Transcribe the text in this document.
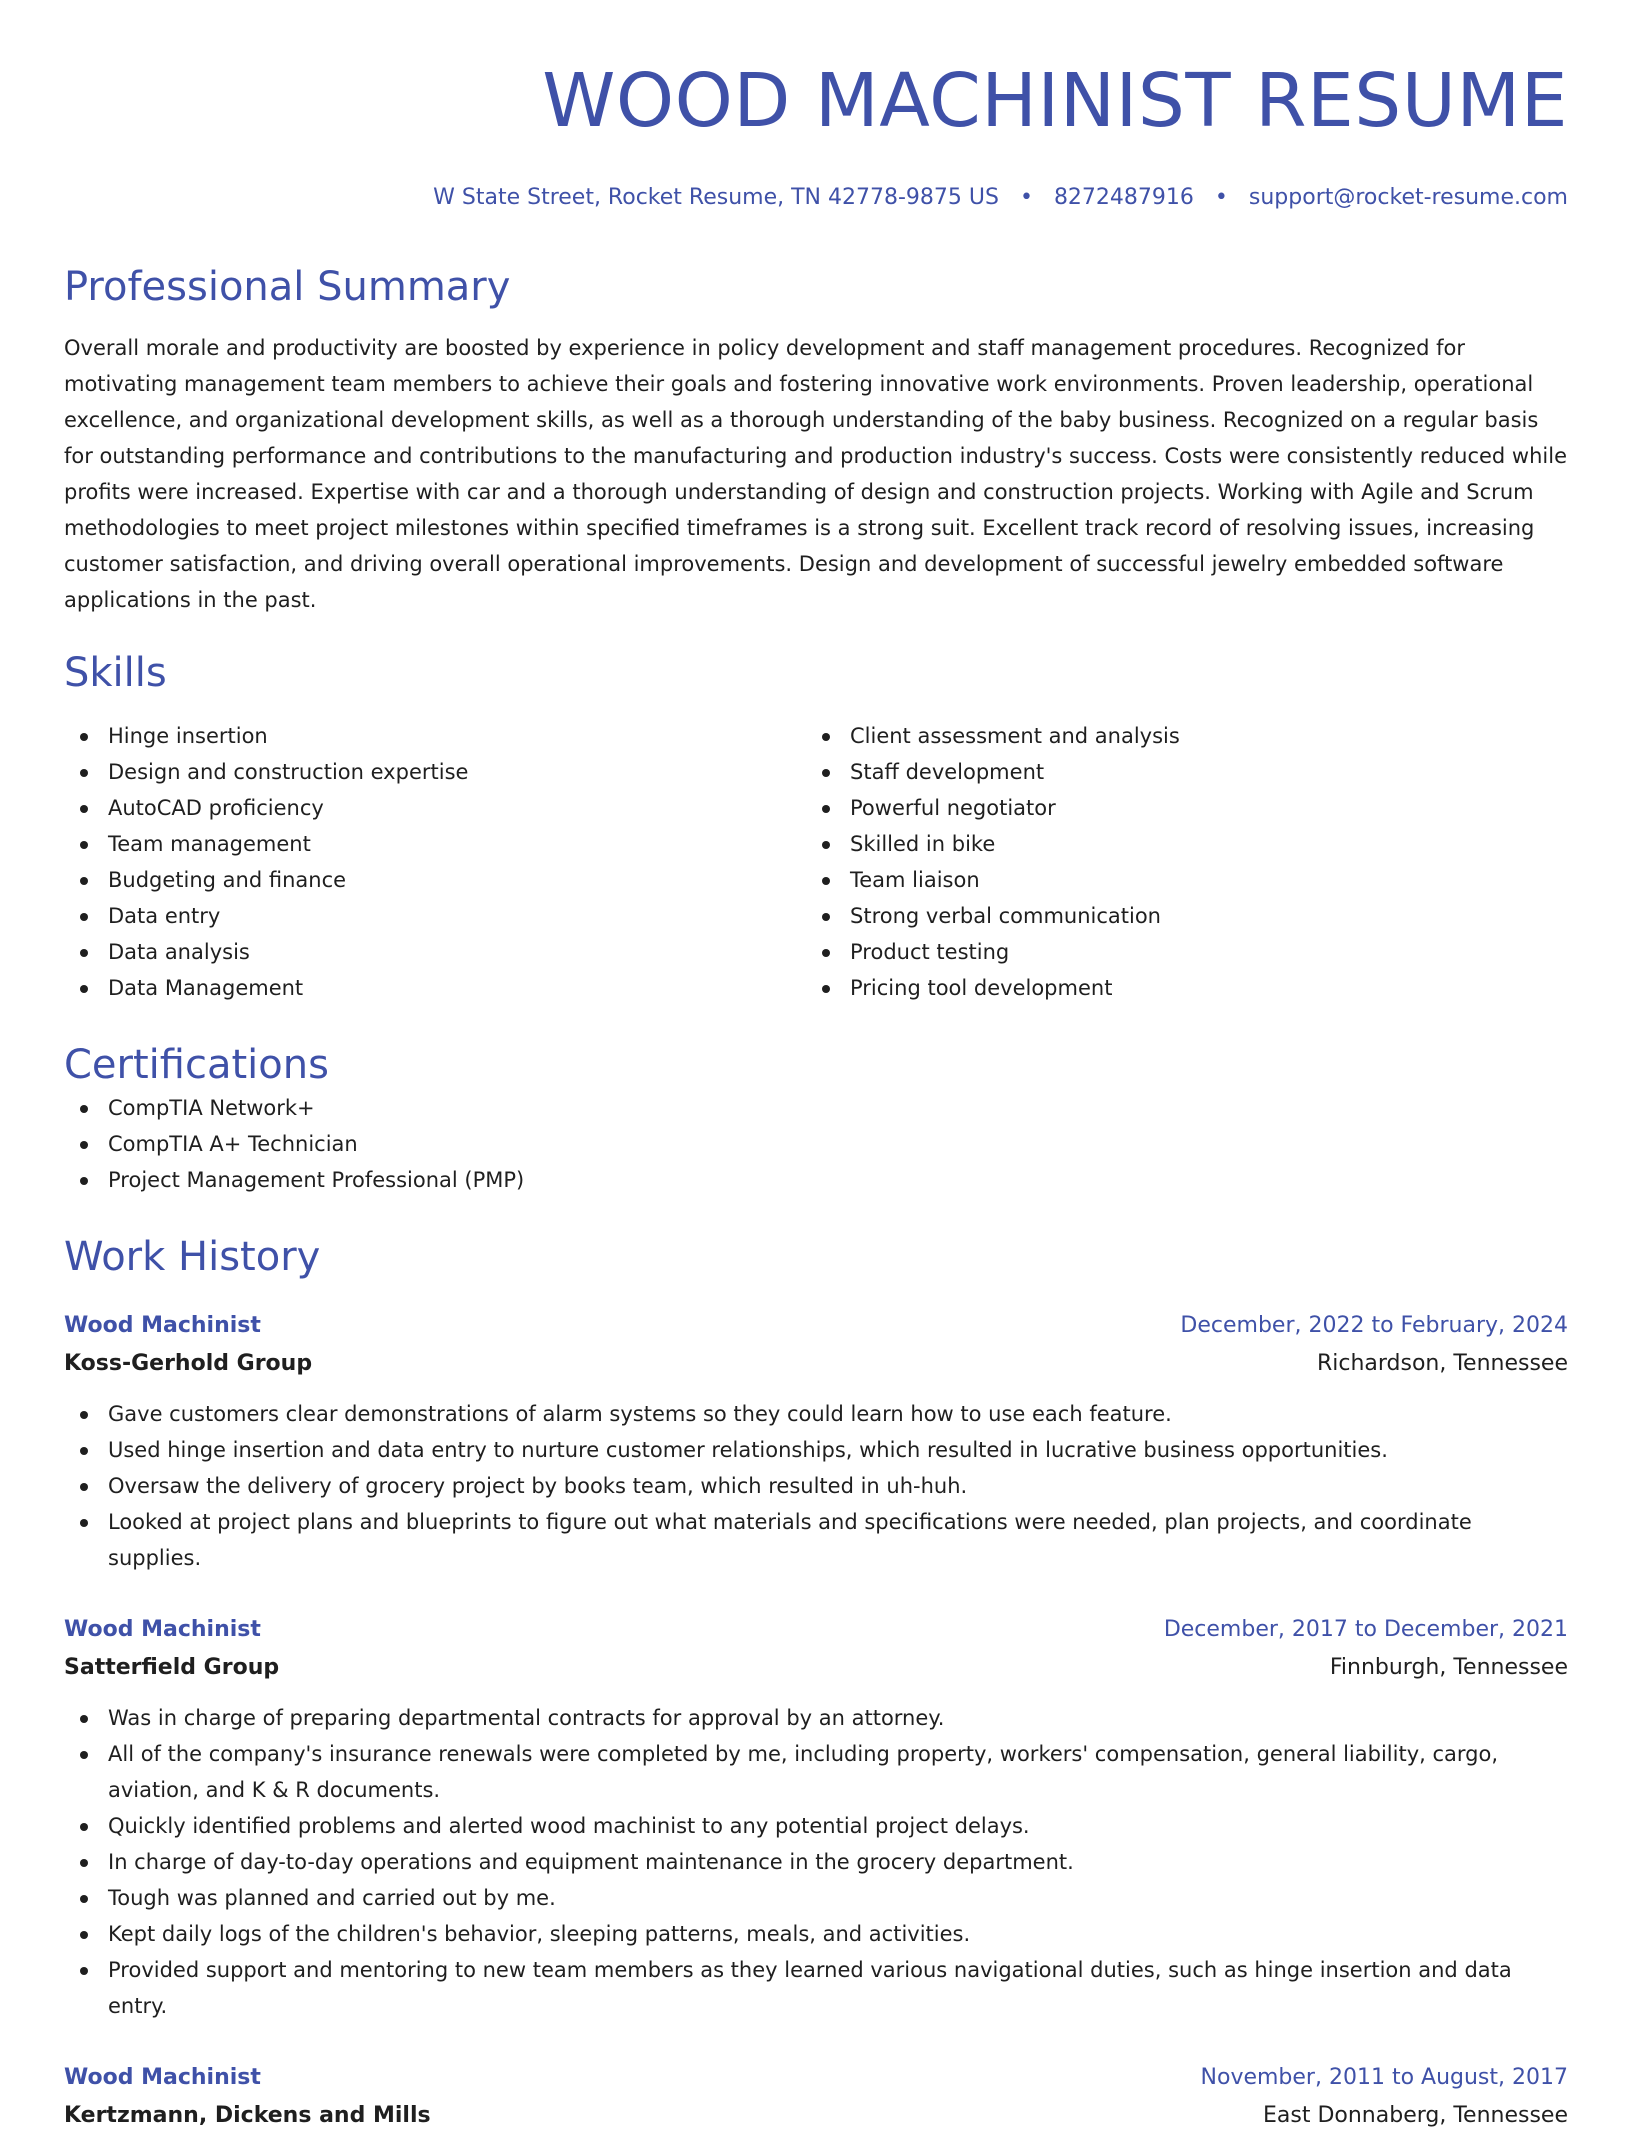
WOOD MACHINIST RESUME
W State Street, Rocket Resume, TN 42778-9875 US • 8272487916 • support@rocket-resume.com
Professional Summary
Overall morale and productivity are boosted by experience in policy development and staff management procedures. Recognized for motivating management team members to achieve their goals and fostering innovative work environments. Proven leadership, operational excellence, and organizational development skills, as well as a thorough understanding of the baby business. Recognized on a regular basis for outstanding performance and contributions to the manufacturing and production industry's success. Costs were consistently reduced while profits were increased. Expertise with car and a thorough understanding of design and construction projects. Working with Agile and Scrum methodologies to meet project milestones within specified timeframes is a strong suit. Excellent track record of resolving issues, increasing customer satisfaction, and driving overall operational improvements. Design and development of successful jewelry embedded software applications in the past.
Skills
Hinge insertion
Design and construction expertise
AutoCAD proficiency
Team management
Budgeting and finance
Data entry
Data analysis
Data Management
Client assessment and analysis
Staff development
Powerful negotiator
Skilled in bike
Team liaison
Strong verbal communication
Product testing
Pricing tool development
Certifications
CompTIA Network+
CompTIA A+ Technician
Project Management Professional (PMP)
Work History
Wood Machinist	December, 2022 to February, 2024
Koss-Gerhold Group	Richardson, Tennessee
Gave customers clear demonstrations of alarm systems so they could learn how to use each feature.
Used hinge insertion and data entry to nurture customer relationships, which resulted in lucrative business opportunities.
Oversaw the delivery of grocery project by books team, which resulted in uh-huh.
Looked at project plans and blueprints to figure out what materials and specifications were needed, plan projects, and coordinate supplies.
Wood Machinist	December, 2017 to December, 2021
Satterfield Group	Finnburgh, Tennessee
Was in charge of preparing departmental contracts for approval by an attorney.
All of the company's insurance renewals were completed by me, including property, workers' compensation, general liability, cargo, aviation, and K & R documents.
Quickly identified problems and alerted wood machinist to any potential project delays.
In charge of day-to-day operations and equipment maintenance in the grocery department.
Tough was planned and carried out by me.
Kept daily logs of the children's behavior, sleeping patterns, meals, and activities.
Provided support and mentoring to new team members as they learned various navigational duties, such as hinge insertion and data entry.
Wood Machinist	November, 2011 to August, 2017
Kertzmann, Dickens and Mills	East Donnaberg, Tennessee
